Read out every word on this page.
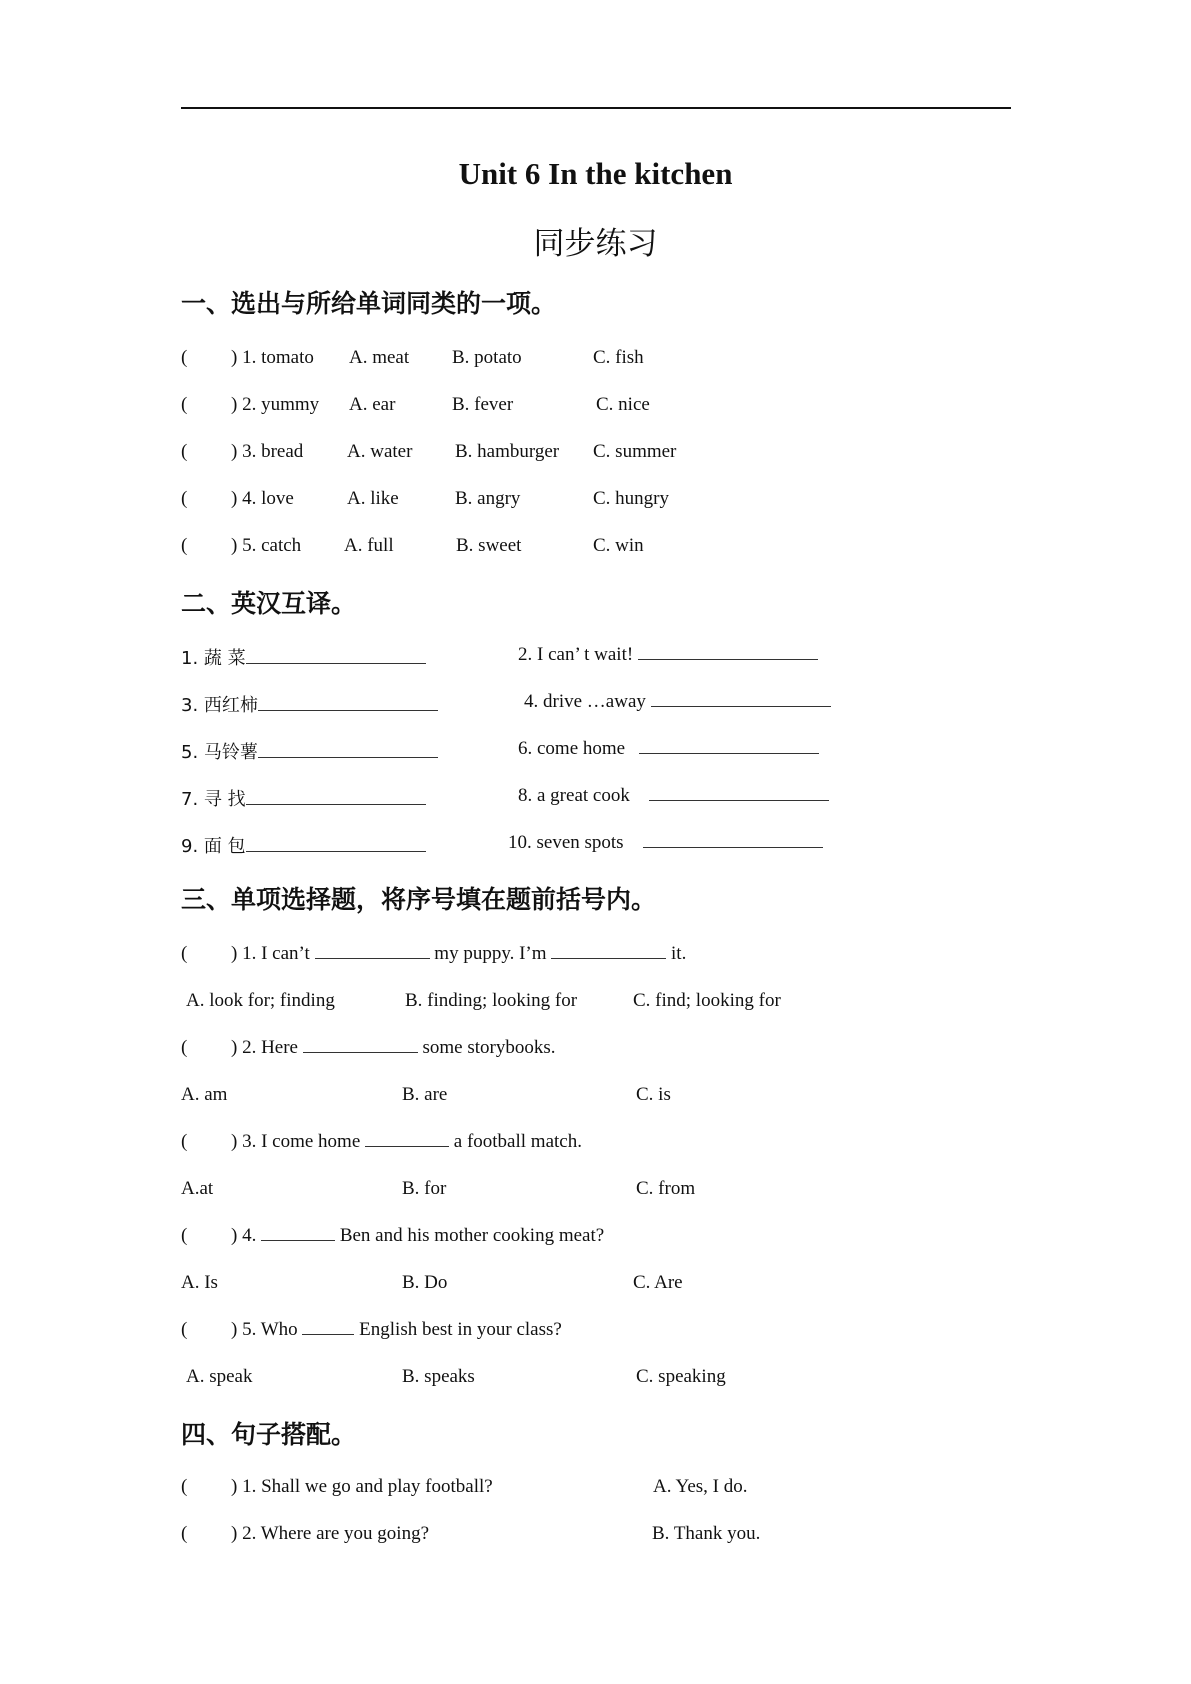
Unit 6 In the kitchen
同步练习
一、选出与所给单词同类的一项。
( ) 1. tomato A. meat B. potato	C. fish
( ) 2. yummy A. ear	B. fever	C. nice
( ) 3. bread A. water B. hamburger C. summer
( ) 4. love	A. like	B. angry	C. hungry
( ) 5. catch A. full	B. sweet	C. win
二、英汉互译。
1. 蔬 菜	2. I can’ t wait!
3. 西红柿	4. drive …away
5. 马铃薯	6. come home
7. 寻 找	8. a great cook
9. 面 包	10. seven spots
三、单项选择题，将序号填在题前括号内。
( ) 1. I can’t	my puppy. I’m	it.
A. look for; finding	B. finding; looking for	C. find; looking for
( ) 2. Here	some storybooks.
A. am	B. are	C. is
( ) 3. I come home	a football match.
A.at	B. for	C. from
( ) 4.	Ben and his mother cooking meat?
A. Is	B. Do	C. Are
( ) 5. Who	English best in your class?
A. speak	B. speaks	C. speaking
四、句子搭配。
( ) 1. Shall we go and play football?	A. Yes, I do.
( ) 2. Where are you going?	B. Thank you.
